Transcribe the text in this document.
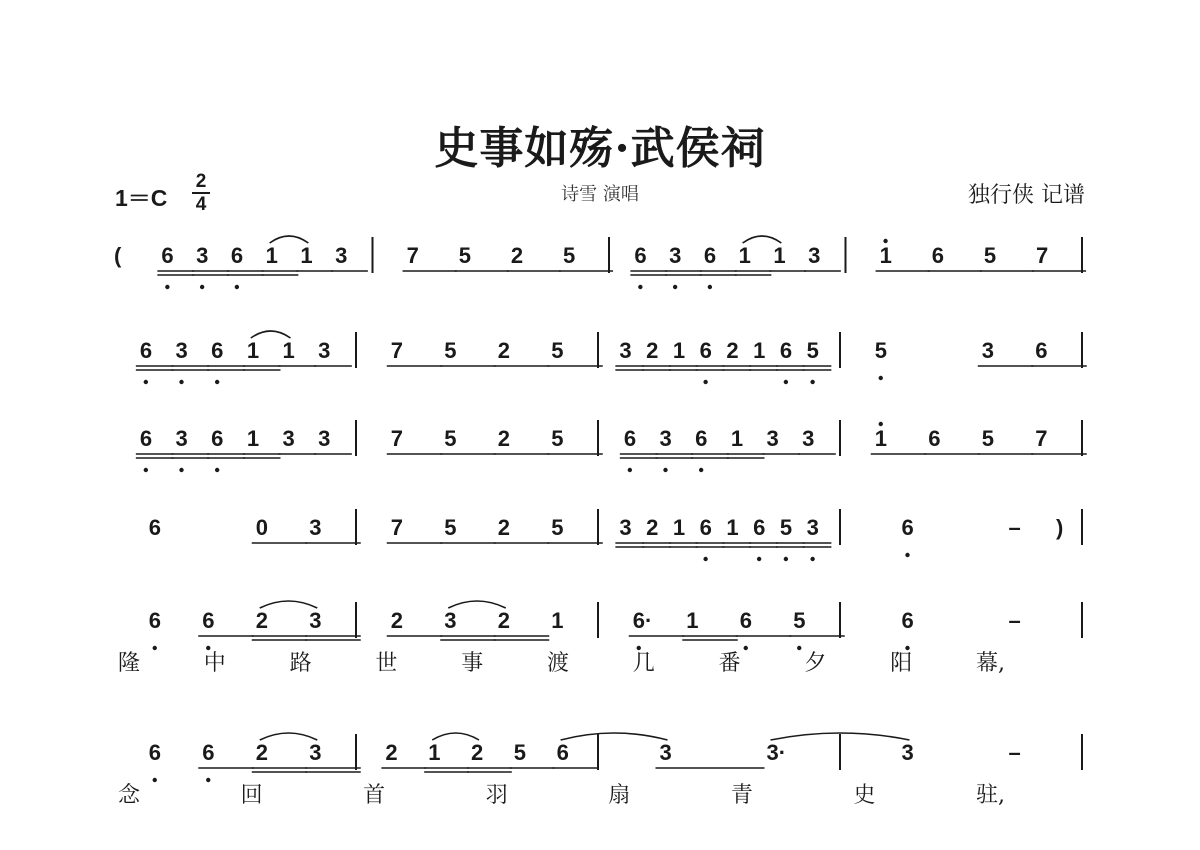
史事如殇·武侯祠
1＝C
2
4	诗雪 演唱	独行侠 记谱
( 6 3 6 1 1 3	7 5 2 5	6 3 6 1 1 3	1 6 5 7
6 3 6 1 1 3	7 5 2 5	3 2 1 6 2 1 6 5	5	3 6
6 3 6 1 3 3	7 5 2 5	6 3 6 1 3 3	1 6 5 7
6	0 3	7 5 2 5	3 2 1 6 1 6 5 3	6	– )
6 6 2 3	2 3 2 1	6· 1 6 5	6	–
隆	中	路	世	事	渡	几	番	夕	阳	幕,
6 6 2 3	2 1 2 5 6	3	3·	3	–
念	回	首	羽	扇	青	史	驻,
